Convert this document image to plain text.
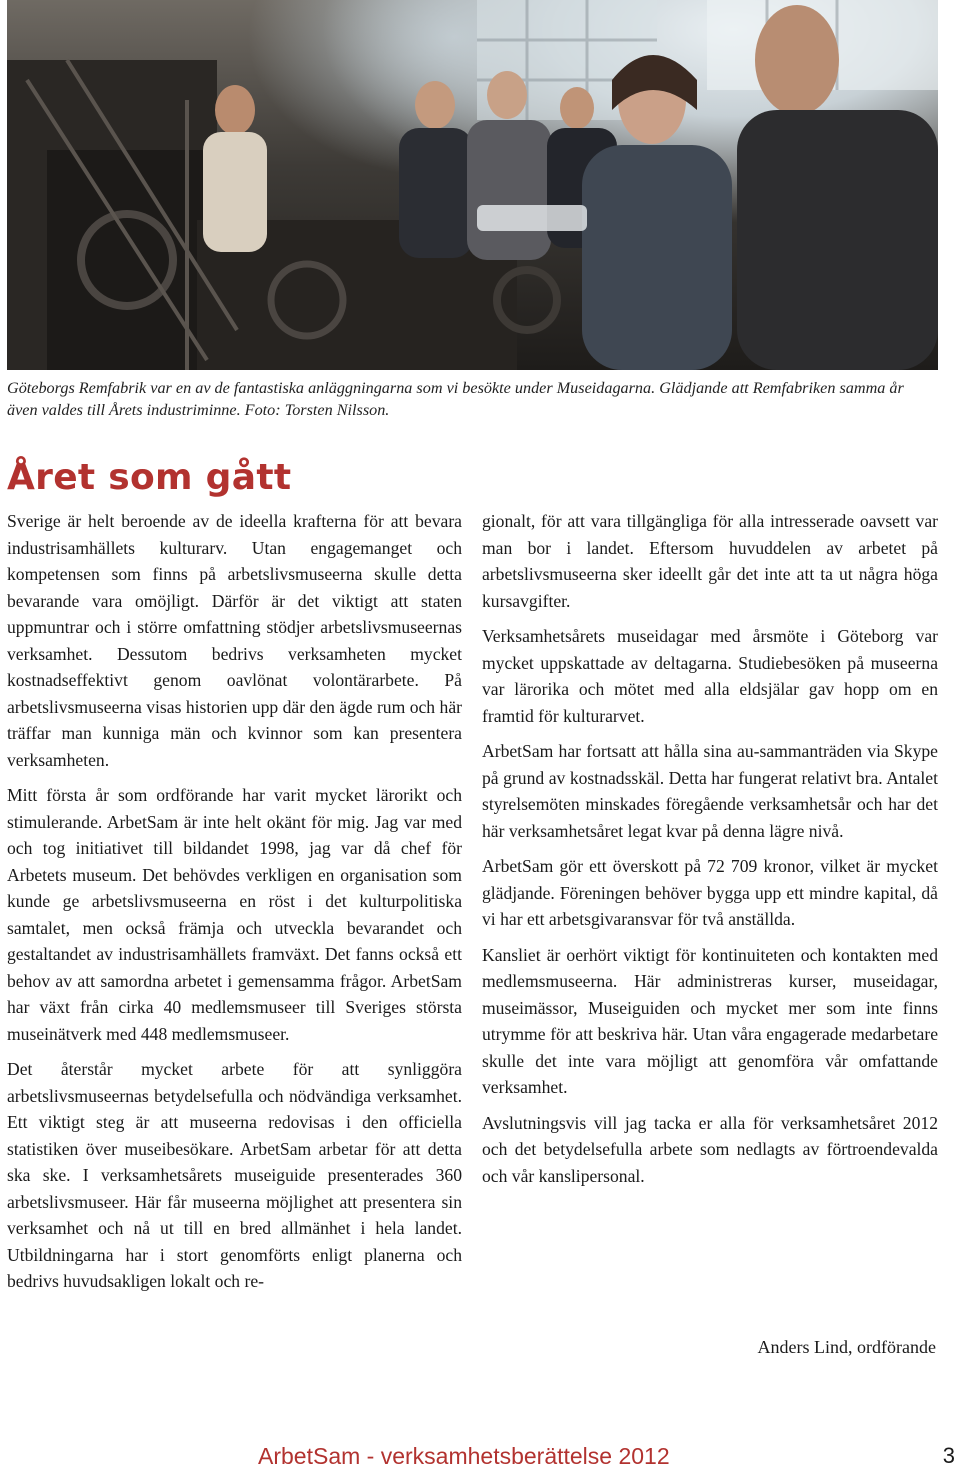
Göteborgs Remfabrik var en av de fantastiska anläggningarna som vi besökte under Museidagarna. Glädjande att Remfabriken samma år även valdes till Årets industriminne. Foto: Torsten Nilsson.
Året som gått

Sverige är helt beroende av de ideella krafterna för att bevara industrisamhällets kulturarv. Utan engagemanget och kompetensen som finns på arbetslivsmuseerna skulle detta bevarande vara omöjligt. Därför är det viktigt att staten uppmuntrar och i större omfattning stödjer arbetslivsmuseernas verksamhet. Dessutom bedrivs verksamheten mycket kostnadseffektivt genom oavlönat volontärarbete. På arbetslivsmuseerna visas historien upp där den ägde rum och här träffar man kunniga män och kvinnor som kan presentera verksamheten.

Mitt första år som ordförande har varit mycket lärorikt och stimulerande. ArbetSam är inte helt okänt för mig. Jag var med och tog initiativet till bildandet 1998, jag var då chef för Arbetets museum. Det behövdes verkligen en organisation som kunde ge arbetslivsmuseerna en röst i det kulturpolitiska samtalet, men också främja och utveckla bevarandet och gestaltandet av industrisamhällets framväxt. Det fanns också ett behov av att samordna arbetet i gemensamma frågor. ArbetSam har växt från cirka 40 medlemsmuseer till Sveriges största museinätverk med 448 medlemsmuseer.

Det återstår mycket arbete för att synliggöra arbetslivsmuseernas betydelsefulla och nödvändiga verksamhet. Ett viktigt steg är att museerna redovisas i den officiella statistiken över museibesökare. ArbetSam arbetar för att detta ska ske. I verksamhetsårets museiguide presenterades 360 arbetslivsmuseer. Här får museerna möjlighet att presentera sin verksamhet och nå ut till en bred allmänhet i hela landet. Utbildningarna har i stort genomförts enligt planerna och bedrivs huvudsakligen lokalt och re-

gionalt, för att vara tillgängliga för alla intresserade oavsett var man bor i landet. Eftersom huvuddelen av arbetet på arbetslivsmuseerna sker ideellt går det inte att ta ut några höga kursavgifter.

Verksamhetsårets museidagar med årsmöte i Göteborg var mycket uppskattade av deltagarna. Studiebesöken på museerna var lärorika och mötet med alla eldsjälar gav hopp om en framtid för kulturarvet.

ArbetSam har fortsatt att hålla sina au-sammanträden via Skype på grund av kostnadsskäl. Detta har fungerat relativt bra. Antalet styrelsemöten minskades föregående verksamhetsår och har det här verksamhetsåret legat kvar på denna lägre nivå.

ArbetSam gör ett överskott på 72 709 kronor, vilket är mycket glädjande. Föreningen behöver bygga upp ett mindre kapital, då vi har ett arbetsgivaransvar för två anställda.

Kansliet är oerhört viktigt för kontinuiteten och kontakten med medlemsmuseerna. Här administreras kurser, museidagar, museimässor, Museiguiden och mycket mer som inte finns utrymme för att beskriva här. Utan våra engagerade medarbetare skulle det inte vara möjligt att genomföra vår omfattande verksamhet.

Avslutningsvis vill jag tacka er alla för verksamhetsåret 2012 och det betydelsefulla arbete som nedlagts av förtroendevalda och vår kanslipersonal.

Anders Lind, ordförande
ArbetSam - verksamhetsberättelse 2012	3
